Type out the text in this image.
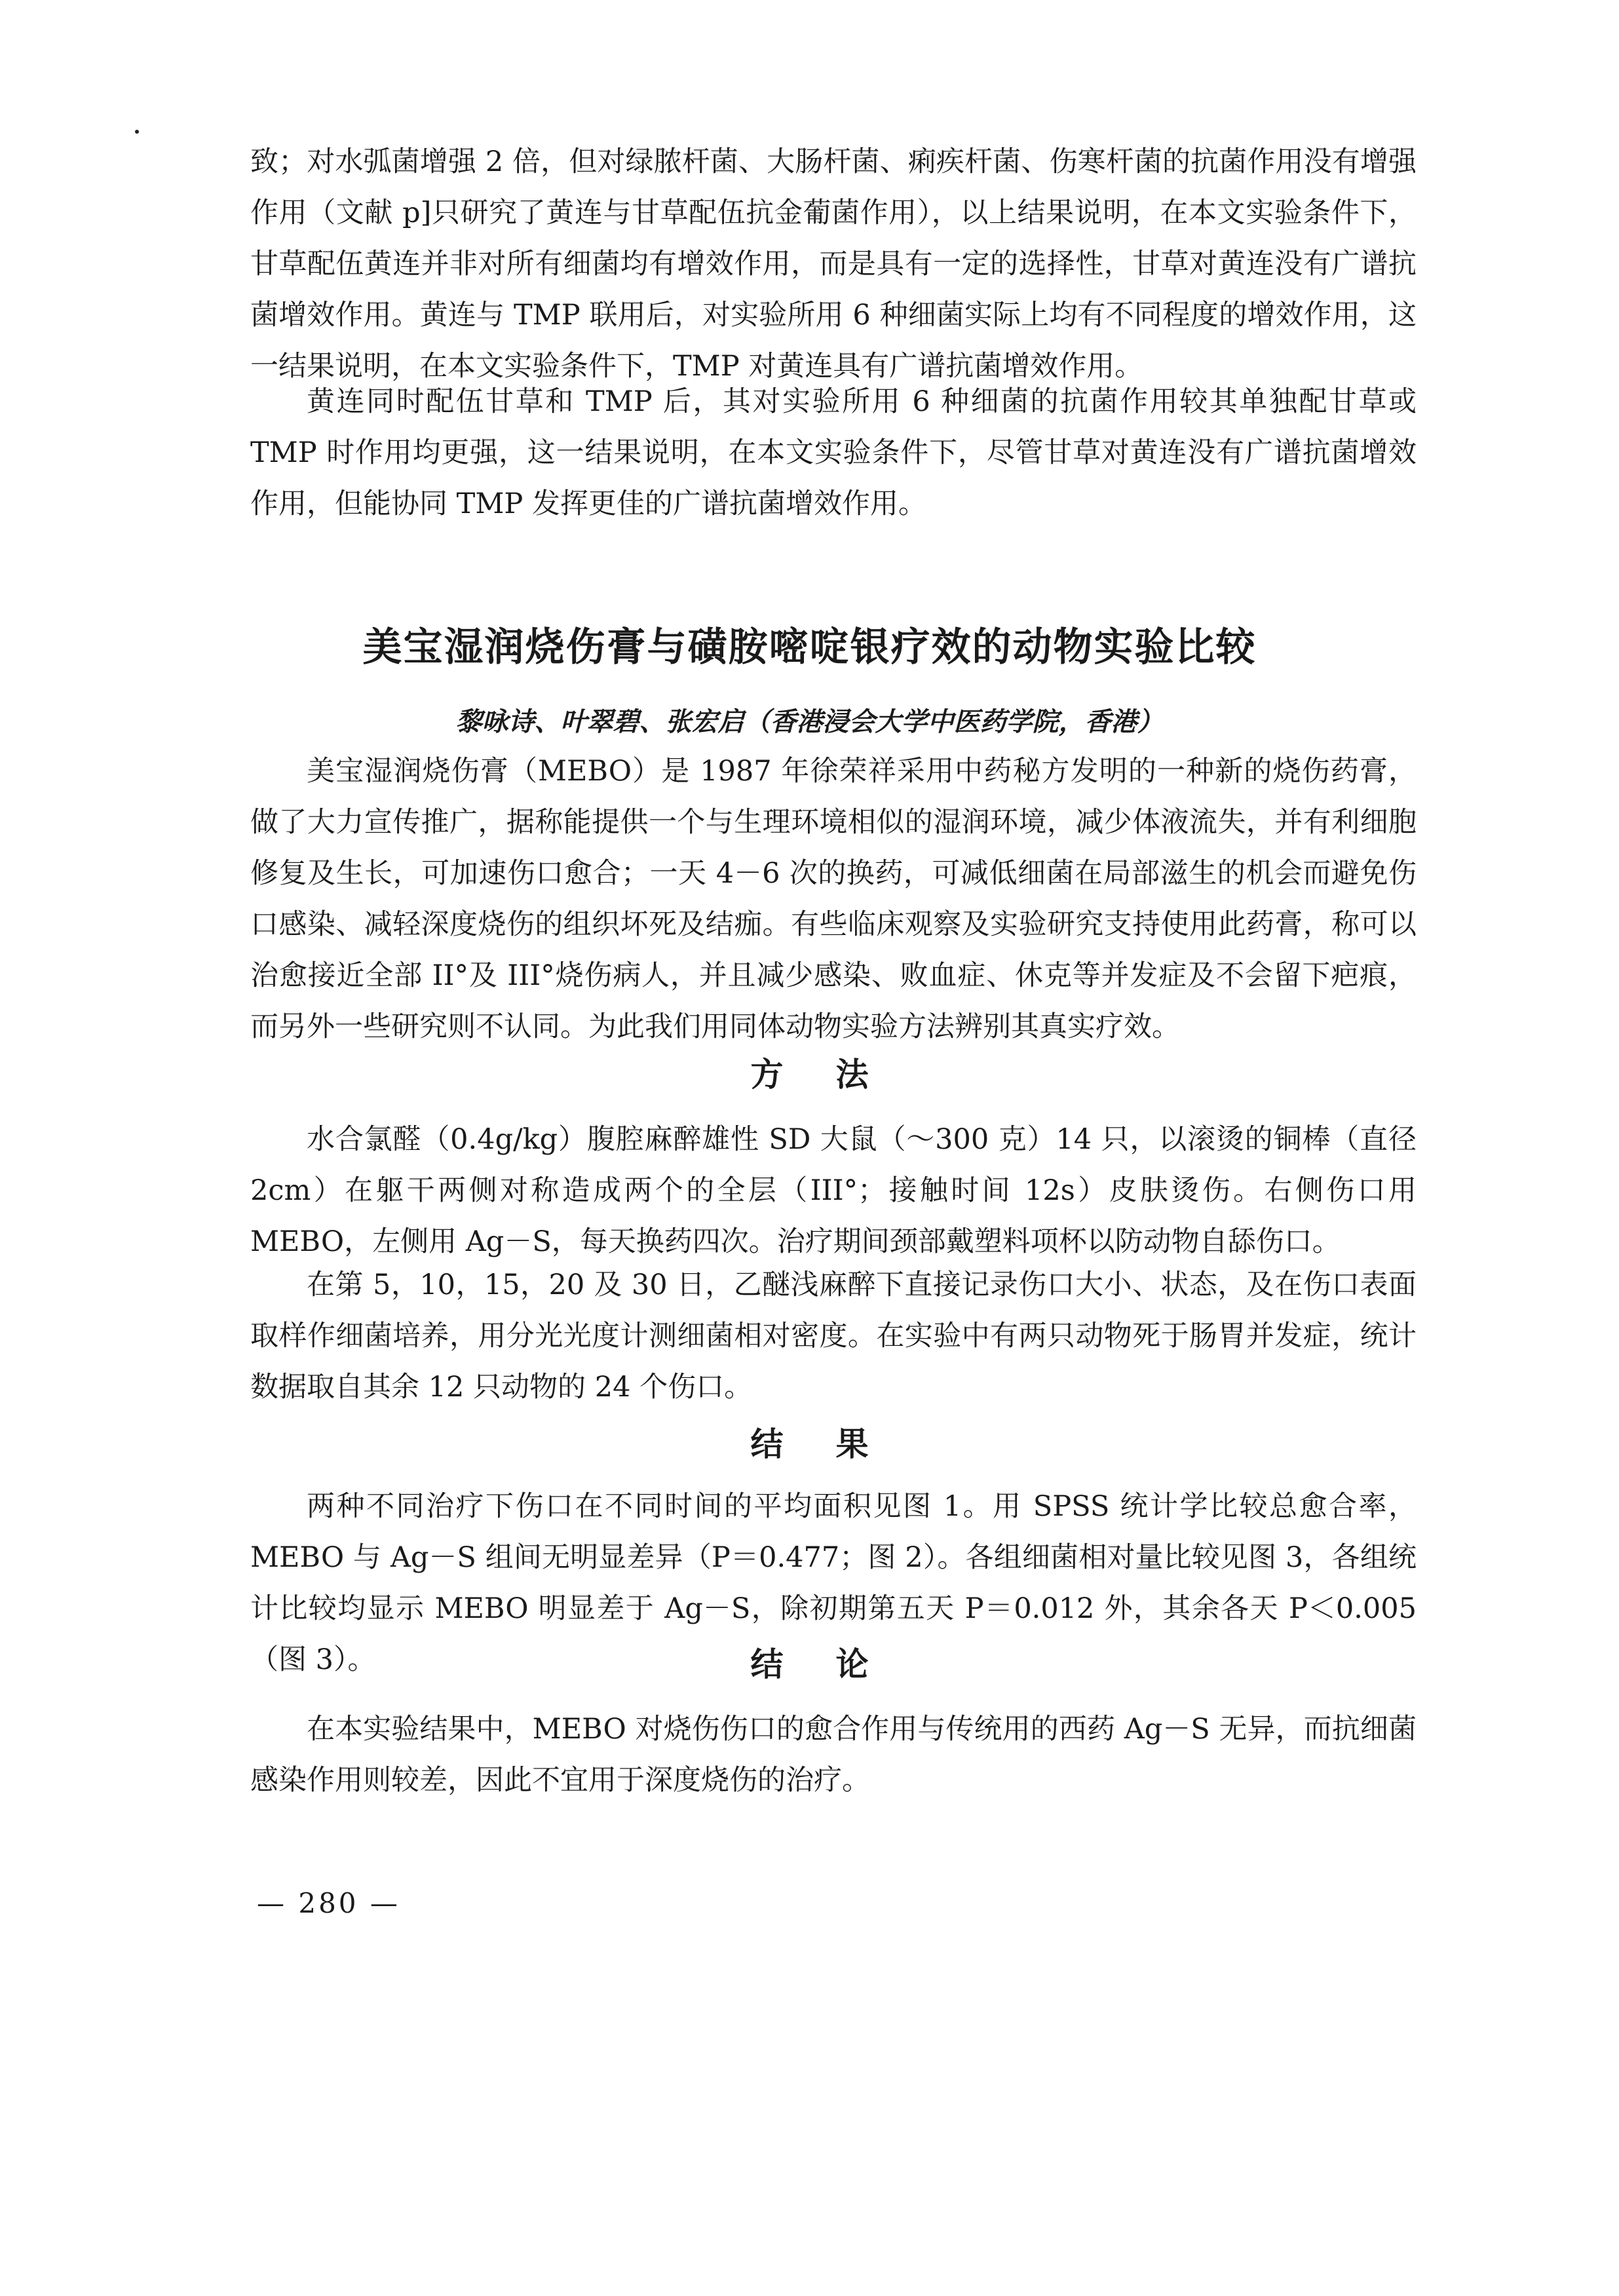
致；对水弧菌增强 2 倍，但对绿脓杆菌、大肠杆菌、痢疾杆菌、伤寒杆菌的抗菌作用没有增强作用（文献 p]只研究了黄连与甘草配伍抗金葡菌作用），以上结果说明，在本文实验条件下，甘草配伍黄连并非对所有细菌均有增效作用，而是具有一定的选择性，甘草对黄连没有广谱抗菌增效作用。黄连与 TMP 联用后，对实验所用 6 种细菌实际上均有不同程度的增效作用，这一结果说明，在本文实验条件下，TMP 对黄连具有广谱抗菌增效作用。

黄连同时配伍甘草和 TMP 后，其对实验所用 6 种细菌的抗菌作用较其单独配甘草或 TMP 时作用均更强，这一结果说明，在本文实验条件下，尽管甘草对黄连没有广谱抗菌增效作用，但能协同 TMP 发挥更佳的广谱抗菌增效作用。

美宝湿润烧伤膏与磺胺嘧啶银疗效的动物实验比较

黎咏诗、叶翠碧、张宏启（香港浸会大学中医药学院，香港）

美宝湿润烧伤膏（MEBO）是 1987 年徐荣祥采用中药秘方发明的一种新的烧伤药膏，做了大力宣传推广，据称能提供一个与生理环境相似的湿润环境，减少体液流失，并有利细胞修复及生长，可加速伤口愈合；一天 4－6 次的换药，可减低细菌在局部滋生的机会而避免伤口感染、减轻深度烧伤的组织坏死及结痂。有些临床观察及实验研究支持使用此药膏，称可以治愈接近全部 II°及 III°烧伤病人，并且减少感染、败血症、休克等并发症及不会留下疤痕，而另外一些研究则不认同。为此我们用同体动物实验方法辨别其真实疗效。

方法

水合氯醛（0.4g/kg）腹腔麻醉雄性 SD 大鼠（～300 克）14 只，以滚烫的铜棒（直径 2cm）在躯干两侧对称造成两个的全层（III°；接触时间 12s）皮肤烫伤。右侧伤口用 MEBO，左侧用 Ag－S，每天换药四次。治疗期间颈部戴塑料项杯以防动物自舔伤口。

在第 5，10，15，20 及 30 日，乙醚浅麻醉下直接记录伤口大小、状态，及在伤口表面取样作细菌培养，用分光光度计测细菌相对密度。在实验中有两只动物死于肠胃并发症，统计数据取自其余 12 只动物的 24 个伤口。

结果

两种不同治疗下伤口在不同时间的平均面积见图 1。用 SPSS 统计学比较总愈合率，MEBO 与 Ag－S 组间无明显差异（P＝0.477；图 2）。各组细菌相对量比较见图 3，各组统计比较均显示 MEBO 明显差于 Ag－S，除初期第五天 P＝0.012 外，其余各天 P＜0.005（图 3）。	结论

在本实验结果中，MEBO 对烧伤伤口的愈合作用与传统用的西药 Ag－S 无异，而抗细菌感染作用则较差，因此不宜用于深度烧伤的治疗。

— 280 —
